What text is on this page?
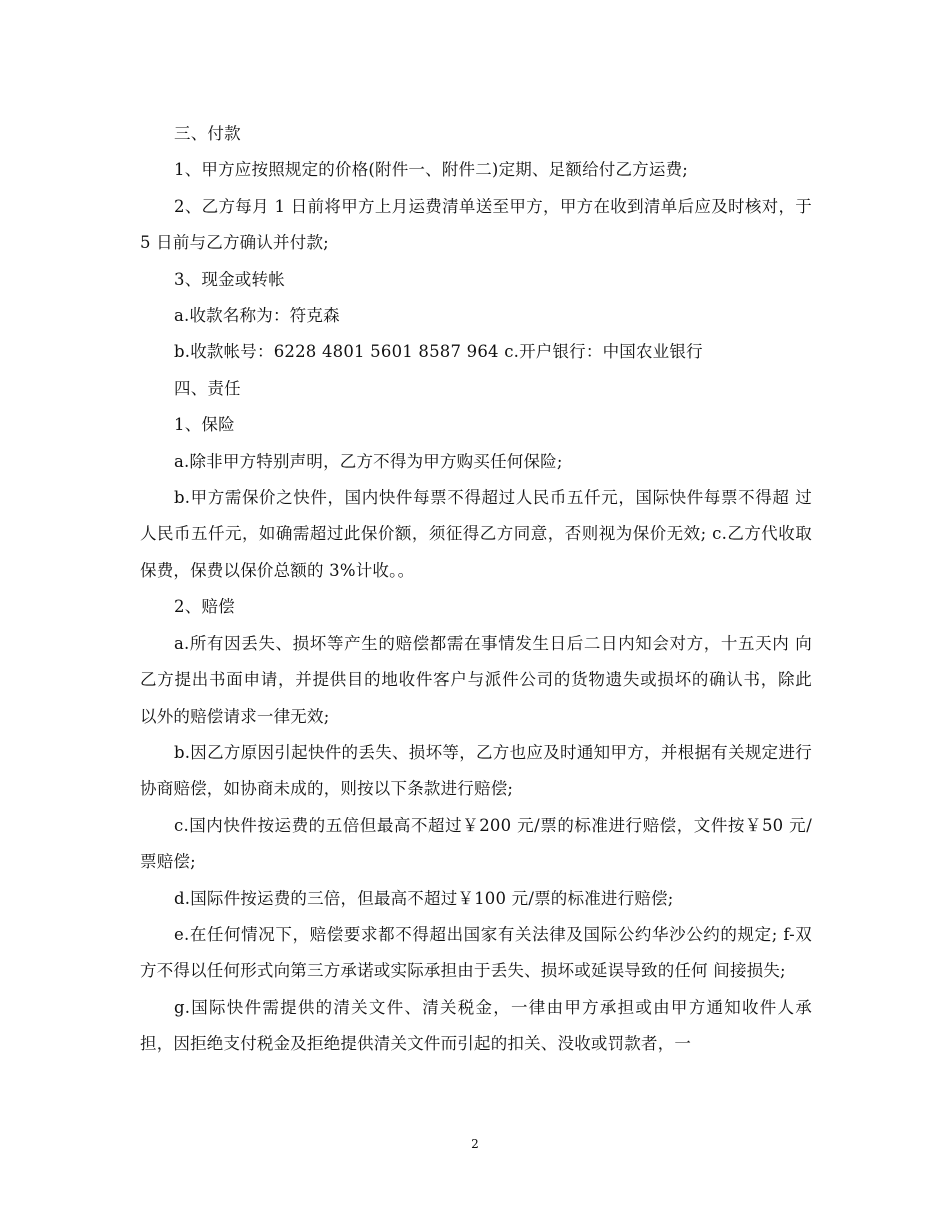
三、付款

1、甲方应按照规定的价格(附件一、附件二)定期、足额给付乙方运费;

2、乙方每月 1 日前将甲方上月运费清单送至甲方，甲方在收到清单后应及时核对，于 5 日前与乙方确认并付款;

3、现金或转帐

a.收款名称为：符克森

b.收款帐号：6228 4801 5601 8587 964 c.开户银行：中国农业银行

四、责任

1、保险

a.除非甲方特别声明，乙方不得为甲方购买任何保险;

b.甲方需保价之快件，国内快件每票不得超过人民币五仟元，国际快件每票不得超 过人民币五仟元，如确需超过此保价额，须征得乙方同意，否则视为保价无效; c.乙方代收取保费，保费以保价总额的 3%计收。。

2、赔偿

a.所有因丢失、损坏等产生的赔偿都需在事情发生日后二日内知会对方，十五天内 向乙方提出书面申请，并提供目的地收件客户与派件公司的货物遗失或损坏的确认书，除此 以外的赔偿请求一律无效;

b.因乙方原因引起快件的丢失、损坏等，乙方也应及时通知甲方，并根据有关规定进行协商赔偿，如协商未成的，则按以下条款进行赔偿;

c.国内快件按运费的五倍但最高不超过￥200 元/票的标准进行赔偿，文件按￥50 元/票赔偿;

d.国际件按运费的三倍，但最高不超过￥100 元/票的标准进行赔偿;

e.在任何情况下，赔偿要求都不得超出国家有关法律及国际公约华沙公约的规定; f-双方不得以任何形式向第三方承诺或实际承担由于丢失、损坏或延误导致的任何 间接损失;

g.国际快件需提供的清关文件、清关税金，一律由甲方承担或由甲方通知收件人承 担，因拒绝支付税金及拒绝提供清关文件而引起的扣关、没收或罚款者，一

2
